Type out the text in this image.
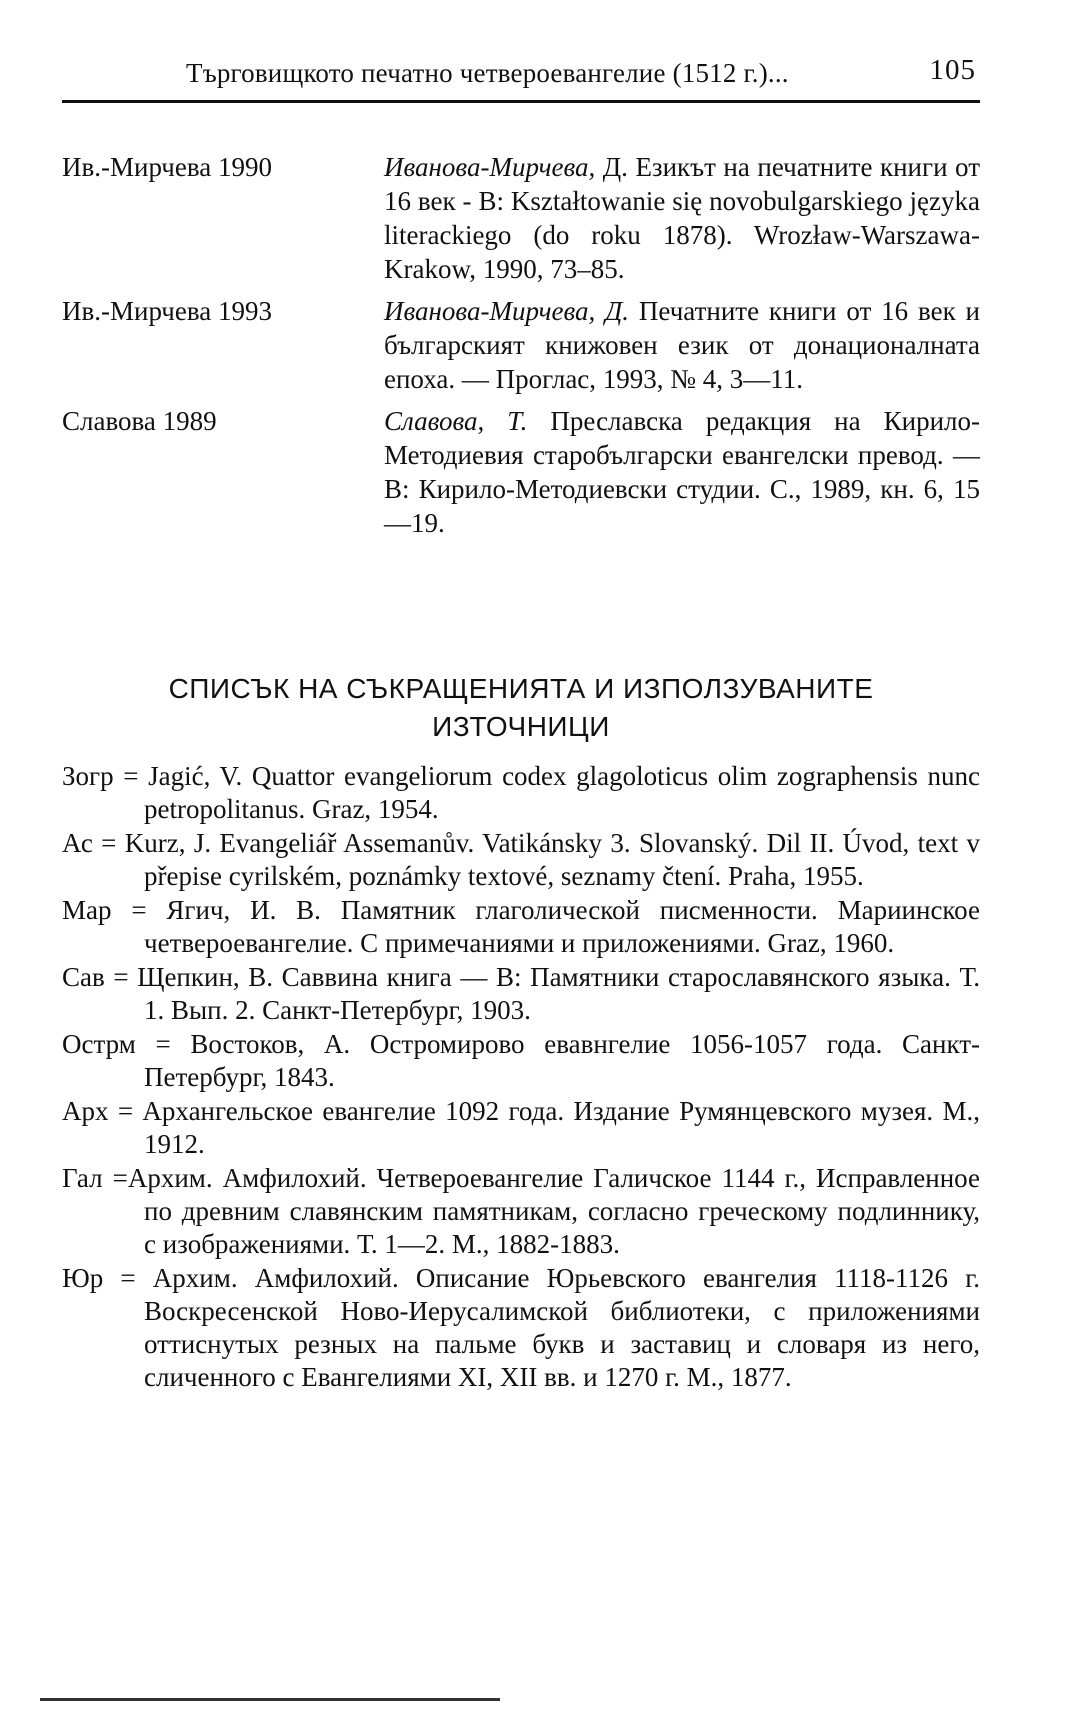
Търговищкото печатно четвероевангелие (1512 г.)...	105
Ив.-Мирчева 1990	Иванова-Мирчева, Д. Езикът на печатните книги от 16 век - В: Kształtowanie się novobulgarskiego języka literackiego (do roku 1878). Wrozław-Warszawa-Krakow, 1990, 73–85.
Ив.-Мирчева 1993	Иванова-Мирчева, Д. Печатните книги от 16 век и българският книжовен език от донационалната епоха. — Проглас, 1993, № 4, 3—11.
Славова 1989	Славова, Т. Преславска редакция на Кирило-Методиевия старобългарски евангелски превод. — В: Кирило-Методиевски студии. С., 1989, кн. 6, 15—19.
СПИСЪК НА СЪКРАЩЕНИЯТА И ИЗПОЛЗУВАНИТЕ
ИЗТОЧНИЦИ
Зогр = Jagić, V. Quattor evangeliorum codex glagoloticus olim zographensis nunc petropolitanus. Graz, 1954.
Ас = Kurz, J. Evangeliář Assemanův. Vatikánsky 3. Slovanský. Dil II. Úvod, text v přepise cyrilském, poznámky textové, seznamy čtení. Praha, 1955.
Мар = Ягич, И. В. Памятник глаголической писменности. Мариинское четвероевангелие. С примечаниями и приложениями. Graz, 1960.
Сав = Щепкин, В. Саввина книга — В: Памятники старославянского языка. Т. 1. Вып. 2. Санкт-Петербург, 1903.
Острм = Востоков, А. Остромирово евавнгелие 1056-1057 года. Санкт-Петербург, 1843.
Арх = Архангельское евангелие 1092 года. Издание Румянцевского музея. М., 1912.
Гал =Архим. Амфилохий. Четвероевангелие Галичское 1144 г., Исправленное по древним славянским памятникам, согласно греческому подлиннику, с изображениями. Т. 1—2. М., 1882-1883.
Юр = Архим. Амфилохий. Описание Юрьевского евангелия 1118-1126 г. Воскресенской Ново-Иерусалимской библиотеки, с приложениями оттиснутых резных на пальме букв и заставиц и словаря из него, сличенного с Евангелиями XI, XII вв. и 1270 г. М., 1877.
